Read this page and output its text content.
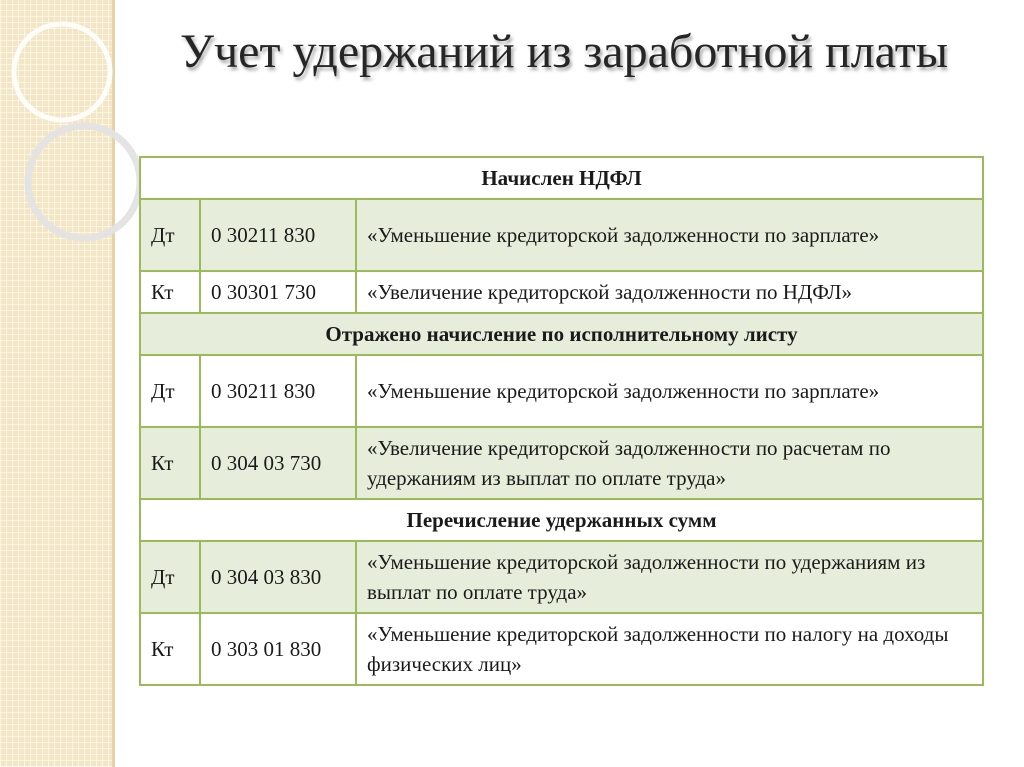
Учет удержаний из заработной платы
Начислен НДФЛ		
Дт	0 30211 830	«Уменьшение кредиторской задолженности по зарплате»
Кт	0 30301 730	«Увеличение кредиторской задолженности по НДФЛ»
Отражено начисление по исполнительному листу		
Дт	0 30211 830	«Уменьшение кредиторской задолженности по зарплате»
Кт	0 304 03 730	«Увеличение кредиторской задолженности по расчетам по удержаниям из выплат по оплате труда»
Перечисление удержанных сумм		
Дт	0 304 03 830	«Уменьшение кредиторской задолженности по удержаниям из выплат по оплате труда»
Кт	0 303 01 830	«Уменьшение кредиторской задолженности по налогу на доходы физических лиц»
